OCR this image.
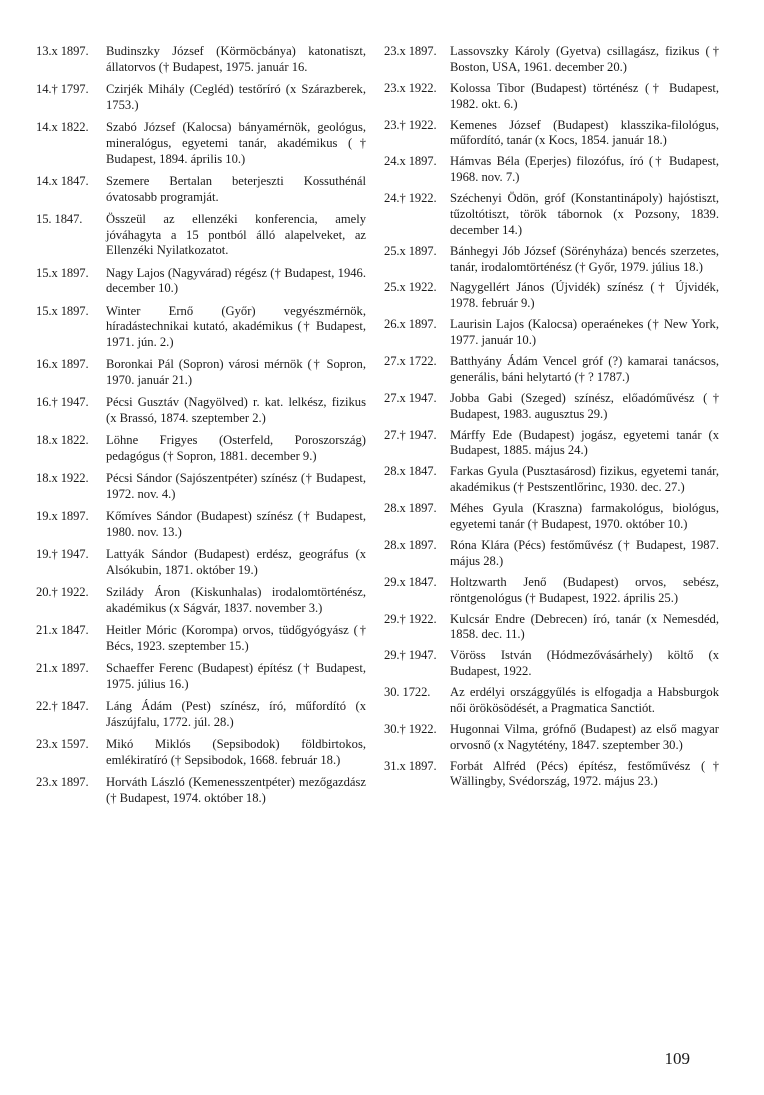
13.x 1897.	Budinszky József (Körmöcbánya) katonatiszt, állatorvos († Budapest, 1975. január 16.
14.† 1797.	Czirjék Mihály (Cegléd) testőríró (x Szárazberek, 1753.)
14.x 1822.	Szabó József (Kalocsa) bányamérnök, geológus, mineralógus, egyetemi tanár, akadémikus († Budapest, 1894. április 10.)
14.x 1847.	Szemere Bertalan beterjeszti Kossuthénál óvatosabb programját.
15. 1847.	Összeül az ellenzéki konferencia, amely jóváhagyta a 15 pontból álló alapelveket, az Ellenzéki Nyilatkozatot.
15.x 1897.	Nagy Lajos (Nagyvárad) régész († Budapest, 1946. december 10.)
15.x 1897.	Winter Ernő (Győr) vegyészmérnök, híradástechnikai kutató, akadémikus († Budapest, 1971. jún. 2.)
16.x 1897.	Boronkai Pál (Sopron) városi mérnök († Sopron, 1970. január 21.)
16.† 1947.	Pécsi Gusztáv (Nagyölved) r. kat. lelkész, fizikus (x Brassó, 1874. szeptember 2.)
18.x 1822.	Löhne Frigyes (Osterfeld, Poroszország) pedagógus († Sopron, 1881. december 9.)
18.x 1922.	Pécsi Sándor (Sajószentpéter) színész († Budapest, 1972. nov. 4.)
19.x 1897.	Kőmíves Sándor (Budapest) színész († Budapest, 1980. nov. 13.)
19.† 1947.	Lattyák Sándor (Budapest) erdész, geográfus (x Alsókubin, 1871. október 19.)
20.† 1922.	Szilády Áron (Kiskunhalas) irodalomtörténész, akadémikus (x Ságvár, 1837. november 3.)
21.x 1847.	Heitler Móric (Korompa) orvos, tüdőgyógyász († Bécs, 1923. szeptember 15.)
21.x 1897.	Schaeffer Ferenc (Budapest) építész († Budapest, 1975. július 16.)
22.† 1847.	Láng Ádám (Pest) színész, író, műfordító (x Jászújfalu, 1772. júl. 28.)
23.x 1597.	Mikó Miklós (Sepsibodok) földbirtokos, emlékiratíró († Sepsibodok, 1668. február 18.)
23.x 1897.	Horváth László (Kemenesszentpéter) mezőgazdász († Budapest, 1974. október 18.)
23.x 1897.	Lassovszky Károly (Gyetva) csillagász, fizikus († Boston, USA, 1961. december 20.)
23.x 1922.	Kolossa Tibor (Budapest) történész († Budapest, 1982. okt. 6.)
23.† 1922.	Kemenes József (Budapest) klasszika-filológus, műfordító, tanár (x Kocs, 1854. január 18.)
24.x 1897.	Hámvas Béla (Eperjes) filozófus, író († Budapest, 1968. nov. 7.)
24.† 1922.	Széchenyi Ödön, gróf (Konstantinápoly) hajóstiszt, tűzoltótiszt, török tábornok (x Pozsony, 1839. december 14.)
25.x 1897.	Bánhegyi Jób József (Sörényháza) bencés szerzetes, tanár, irodalomtörténész († Győr, 1979. július 18.)
25.x 1922.	Nagygellért János (Újvidék) színész († Újvidék, 1978. február 9.)
26.x 1897.	Laurisin Lajos (Kalocsa) operaénekes († New York, 1977. január 10.)
27.x 1722.	Batthyány Ádám Vencel gróf (?) kamarai tanácsos, generális, báni helytartó († ? 1787.)
27.x 1947.	Jobba Gabi (Szeged) színész, előadóművész († Budapest, 1983. augusztus 29.)
27.† 1947.	Márffy Ede (Budapest) jogász, egyetemi tanár (x Budapest, 1885. május 24.)
28.x 1847.	Farkas Gyula (Pusztasárosd) fizikus, egyetemi tanár, akadémikus († Pestszentlőrinc, 1930. dec. 27.)
28.x 1897.	Méhes Gyula (Kraszna) farmakológus, biológus, egyetemi tanár († Budapest, 1970. október 10.)
28.x 1897.	Róna Klára (Pécs) festőművész († Budapest, 1987. május 28.)
29.x 1847.	Holtzwarth Jenő (Budapest) orvos, sebész, röntgenológus († Budapest, 1922. április 25.)
29.† 1922.	Kulcsár Endre (Debrecen) író, tanár (x Nemesdéd, 1858. dec. 11.)
29.† 1947.	Vöröss István (Hódmezővásárhely) költő (x Budapest, 1922.
30. 1722.	Az erdélyi országgyűlés is elfogadja a Habsburgok női örökösödését, a Pragmatica Sanctiót.
30.† 1922.	Hugonnai Vilma, grófnő (Budapest) az első magyar orvosnő (x Nagytétény, 1847. szeptember 30.)
31.x 1897.	Forbát Alfréd (Pécs) építész, festőművész († Wällingby, Svédország, 1972. május 23.)
109
